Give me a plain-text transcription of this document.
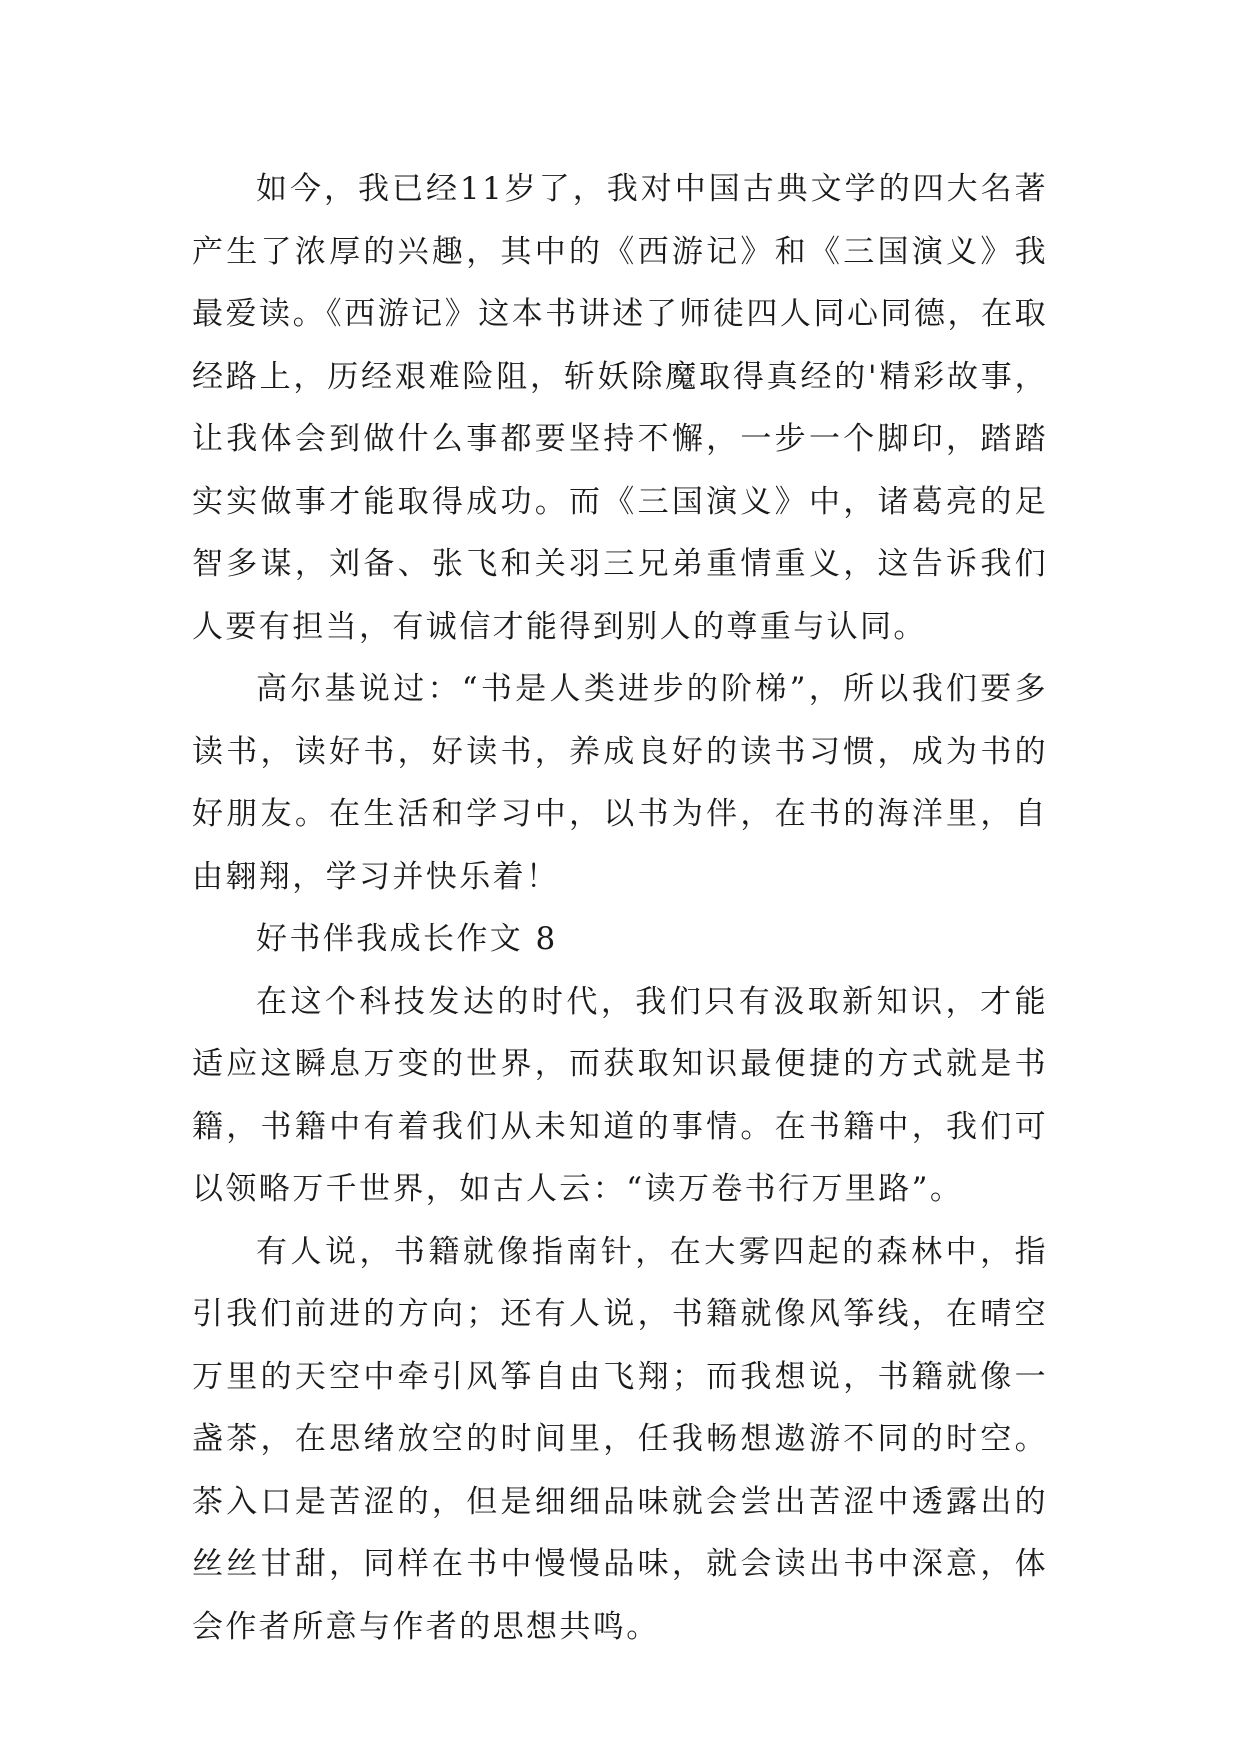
如今，我已经11岁了，我对中国古典文学的四大名著产生了浓厚的兴趣，其中的《西游记》和《三国演义》我最爱读。《西游记》这本书讲述了师徒四人同心同德，在取经路上，历经艰难险阻，斩妖除魔取得真经的'精彩故事，让我体会到做什么事都要坚持不懈，一步一个脚印，踏踏实实做事才能取得成功。而《三国演义》中，诸葛亮的足智多谋，刘备、张飞和关羽三兄弟重情重义，这告诉我们人要有担当，有诚信才能得到别人的尊重与认同。

高尔基说过：“书是人类进步的阶梯”，所以我们要多读书，读好书，好读书，养成良好的读书习惯，成为书的好朋友。在生活和学习中，以书为伴，在书的海洋里，自由翱翔，学习并快乐着！

好书伴我成长作文 8

在这个科技发达的时代，我们只有汲取新知识，才能适应这瞬息万变的世界，而获取知识最便捷的方式就是书籍，书籍中有着我们从未知道的事情。在书籍中，我们可以领略万千世界，如古人云：“读万卷书行万里路”。

有人说，书籍就像指南针，在大雾四起的森林中，指引我们前进的方向；还有人说，书籍就像风筝线，在晴空万里的天空中牵引风筝自由飞翔；而我想说，书籍就像一盏茶，在思绪放空的时间里，任我畅想遨游不同的时空。茶入口是苦涩的，但是细细品味就会尝出苦涩中透露出的丝丝甘甜，同样在书中慢慢品味，就会读出书中深意，体会作者所意与作者的思想共鸣。
